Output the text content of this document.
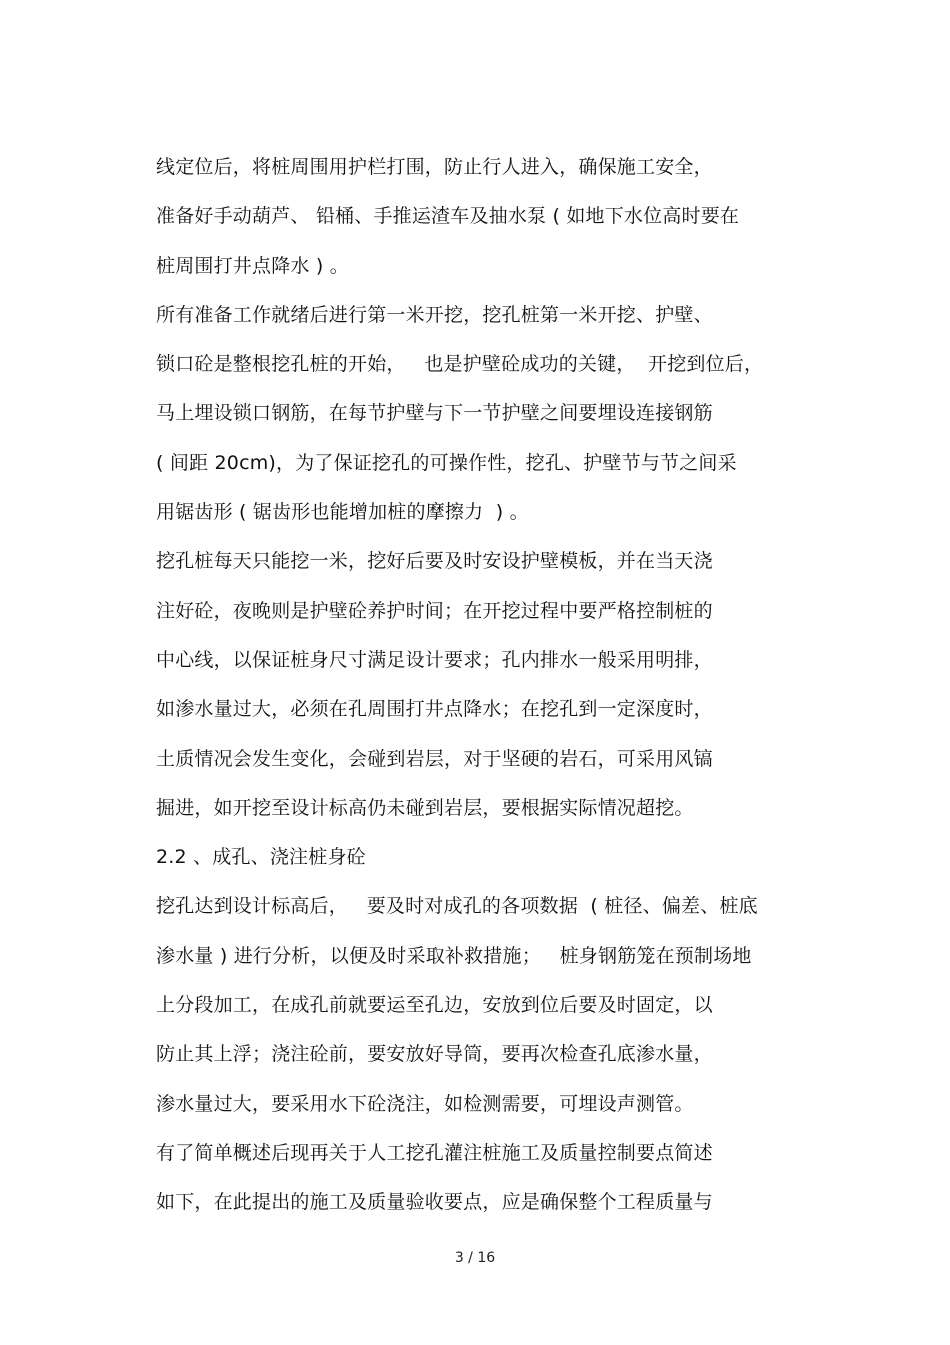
线定位后，将桩周围用护栏打围，防止行人进入，确保施工安全，
准备好手动葫芦、 铅桶、手推运渣车及抽水泵 ( 如地下水位高时要在
桩周围打井点降水 ) 。
所有准备工作就绪后进行第一米开挖，挖孔桩第一米开挖、护壁、
锁口砼是整根挖孔桩的开始，   也是护壁砼成功的关键，  开挖到位后，
马上埋设锁口钢筋，在每节护壁与下一节护壁之间要埋设连接钢筋
( 间距 20cm)，为了保证挖孔的可操作性，挖孔、护壁节与节之间采
用锯齿形 ( 锯齿形也能增加桩的摩擦力  ) 。
挖孔桩每天只能挖一米，挖好后要及时安设护壁模板，并在当天浇
注好砼，夜晚则是护壁砼养护时间；在开挖过程中要严格控制桩的
中心线，以保证桩身尺寸满足设计要求；孔内排水一般采用明排，
如渗水量过大，必须在孔周围打井点降水；在挖孔到一定深度时，
土质情况会发生变化，会碰到岩层，对于坚硬的岩石，可采用风镐
掘进，如开挖至设计标高仍未碰到岩层，要根据实际情况超挖。
2.2 、成孔、浇注桩身砼
挖孔达到设计标高后，   要及时对成孔的各项数据  ( 桩径、偏差、桩底
渗水量 ) 进行分析，以便及时采取补救措施；   桩身钢筋笼在预制场地
上分段加工，在成孔前就要运至孔边，安放到位后要及时固定，以
防止其上浮；浇注砼前，要安放好导筒，要再次检查孔底渗水量，
渗水量过大，要采用水下砼浇注，如检测需要，可埋设声测管。
有了简单概述后现再关于人工挖孔灌注桩施工及质量控制要点简述
如下，在此提出的施工及质量验收要点，应是确保整个工程质量与
3 / 16
